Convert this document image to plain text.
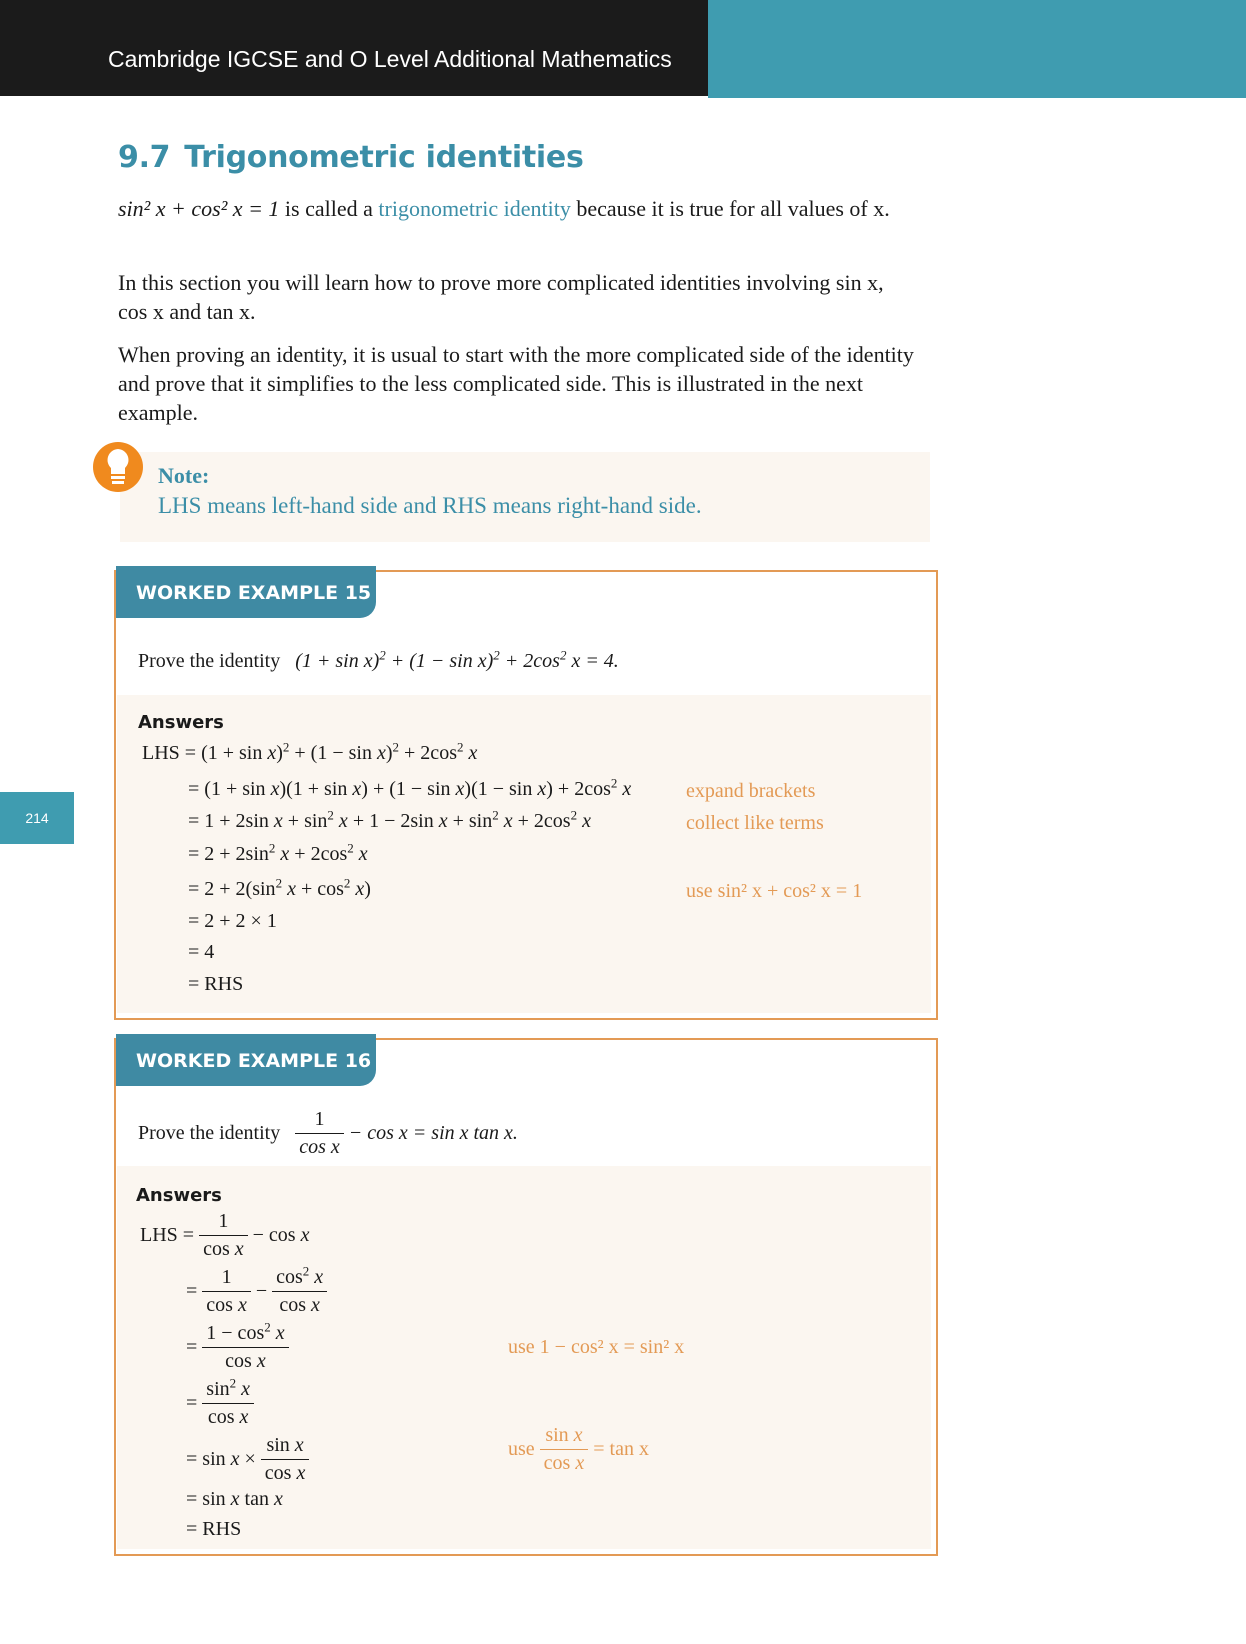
Cambridge IGCSE and O Level Additional Mathematics
9.7 Trigonometric identities
sin² x + cos² x = 1 is called a trigonometric identity because it is true for all values of x.
In this section you will learn how to prove more complicated identities involving sin x, cos x and tan x.
When proving an identity, it is usual to start with the more complicated side of the identity and prove that it simplifies to the less complicated side. This is illustrated in the next example.
Note:
LHS means left-hand side and RHS means right-hand side.
214
WORKED EXAMPLE 15
Prove the identity $(1 + \sin x)^2 + (1 - \sin x)^2 + 2\cos^2$ x = 4.
Answers
LHS = $(1 + \sin x)^2 + (1 - \sin x)^2 + 2\cos^2$ x
= $(1 + \sin x)(1 + \sin x) + (1 - \sin x)(1 - \sin x) + 2\cos^2$ x
= 1 + 2sin $x + \sin^2 x + 1 - 2\sin$ $x + \sin^2 x + 2\cos^2$ x
= $2 + 2\sin^2$ $x + 2\cos^2$ x
= $2 + 2(\sin^2$ $x + \cos^2 x$)
= 2 + 2 × 1
= 4
= RHS
expand brackets
collect like terms
use sin² x + cos² x = 1
WORKED EXAMPLE 16
Prove the identity $\frac{1}{\text{cos x}} - \cos x = \sin x$ tan x.
Answers
LHS = $\frac{1}{\text{cos x}} - \cos x$
= $\frac{1}{\text{cos x}} - \frac{\cos^2 x}{\text{cos x}}$
= $\frac{1 - \cos^2 x}{\text{cos x}}$
= $\frac{\sin^2 x}{\text{cos x}}$
= $\sin x \times \frac{\text{sin x}}{\text{cos x}}$
= sin x tan x
= RHS
use 1 − cos² x = sin² x
use $\frac{\text{sin x}}{\text{cos x}} = \tan x$
